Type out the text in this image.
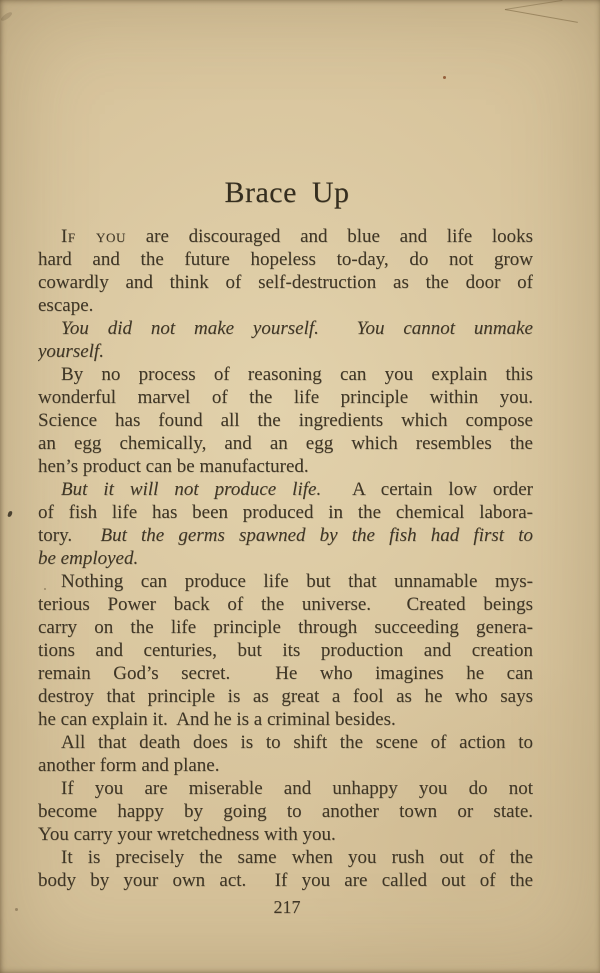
Brace Up
If you are discouraged and blue and life looks
hard and the future hopeless to-day, do not grow
cowardly and think of self-destruction as the door of
escape.
You did not make yourself.  You cannot unmake
yourself.
By no process of reasoning can you explain this
wonderful marvel of the life principle within you.
Science has found all the ingredients which compose
an egg chemically, and an egg which resembles the
hen’s product can be manufactured.
But it will not produce life.  A certain low order
of fish life has been produced in the chemical labora-
tory.  But the germs spawned by the fish had first to
be employed.
Nothing can produce life but that unnamable mys-
terious Power back of the universe.  Created beings
carry on the life principle through succeeding genera-
tions and centuries, but its production and creation
remain God’s secret.  He who imagines he can
destroy that principle is as great a fool as he who says
he can explain it.  And he is a criminal besides.
All that death does is to shift the scene of action to
another form and plane.
If you are miserable and unhappy you do not
become happy by going to another town or state.
You carry your wretchedness with you.
It is precisely the same when you rush out of the
body by your own act.  If you are called out of the
217
